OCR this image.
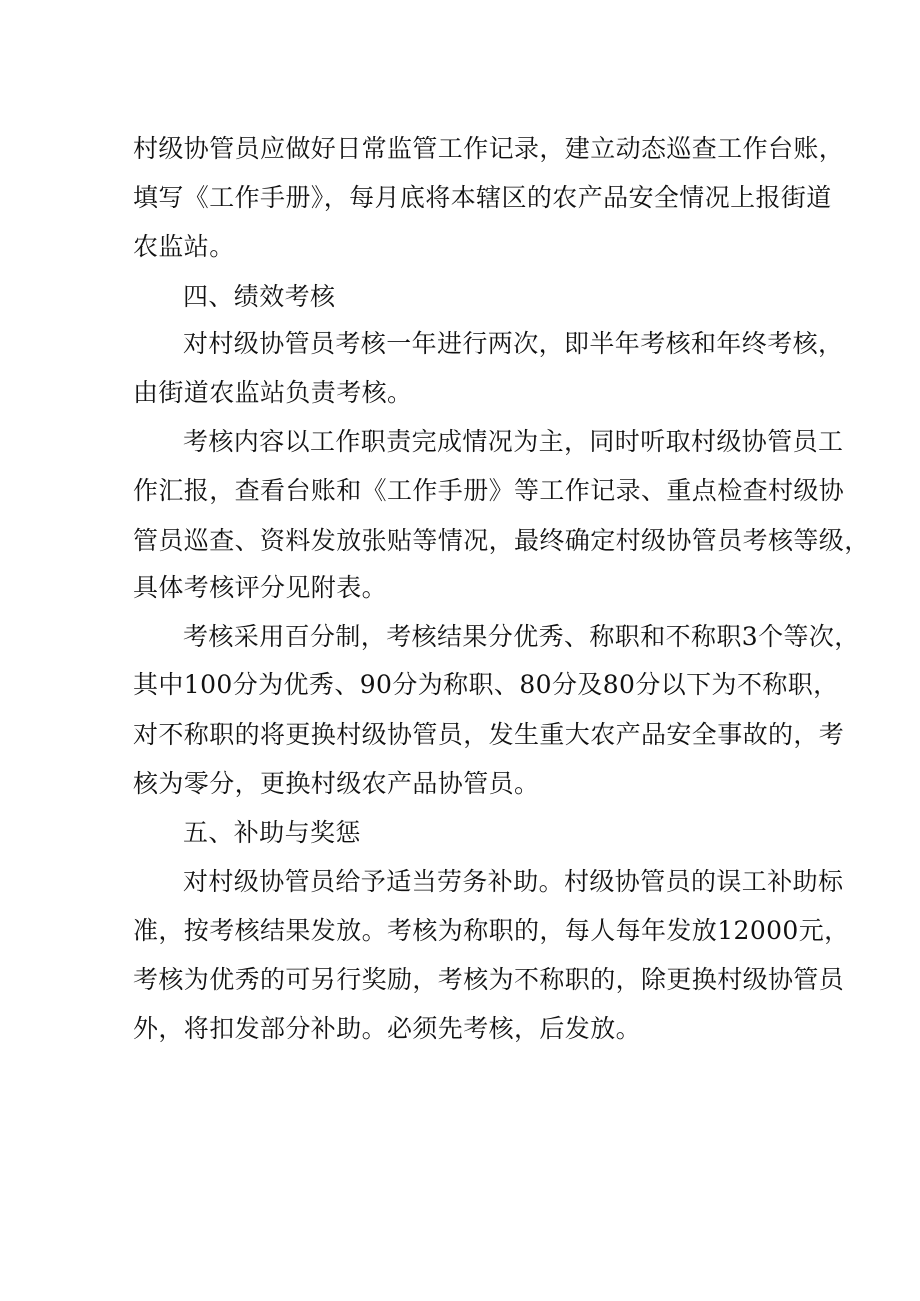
村级协管员应做好日常监管工作记录，建立动态巡查工作台账，
填写《工作手册》，每月底将本辖区的农产品安全情况上报街道
农监站。
四、绩效考核
对村级协管员考核一年进行两次，即半年考核和年终考核，
由街道农监站负责考核。
考核内容以工作职责完成情况为主，同时听取村级协管员工
作汇报，查看台账和《工作手册》等工作记录、重点检查村级协
管员巡查、资料发放张贴等情况，最终确定村级协管员考核等级，
具体考核评分见附表。
考核采用百分制，考核结果分优秀、称职和不称职3个等次，
其中100分为优秀、90分为称职、80分及80分以下为不称职，
对不称职的将更换村级协管员，发生重大农产品安全事故的，考
核为零分，更换村级农产品协管员。
五、补助与奖惩
对村级协管员给予适当劳务补助。村级协管员的误工补助标
准，按考核结果发放。考核为称职的，每人每年发放12000元，
考核为优秀的可另行奖励，考核为不称职的，除更换村级协管员
外，将扣发部分补助。必须先考核，后发放。
